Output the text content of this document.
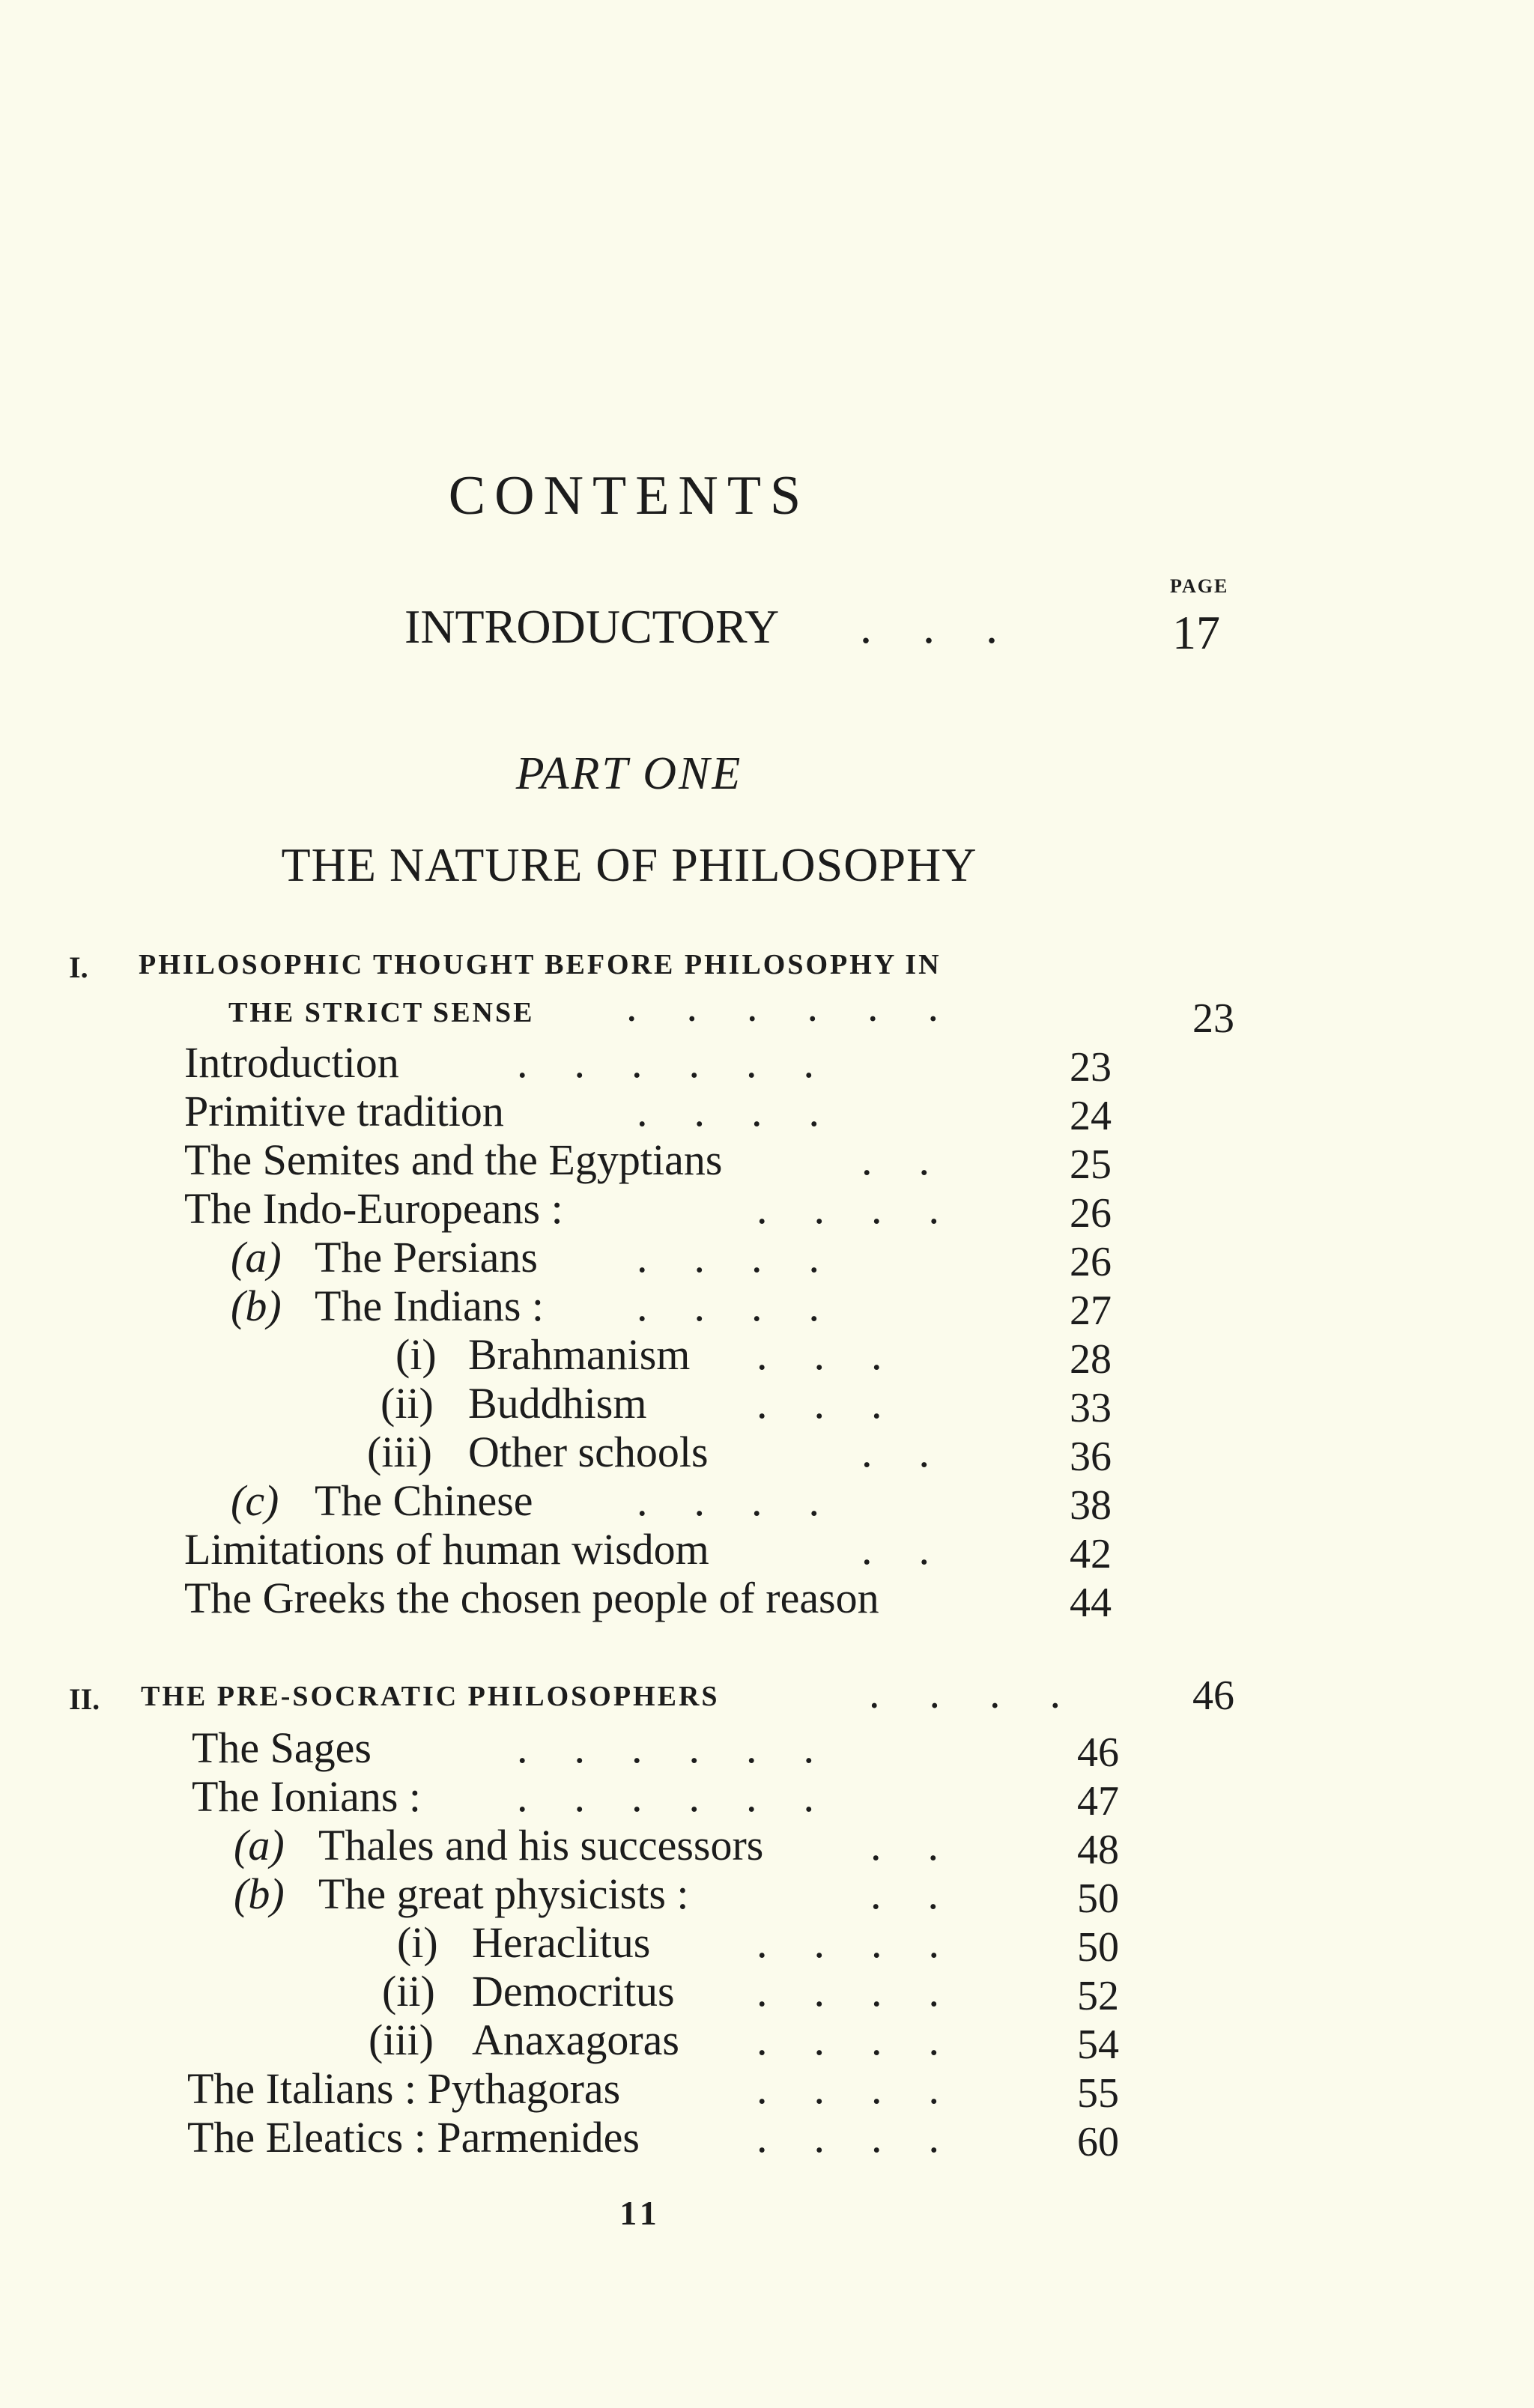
CONTENTS
PAGE
INTRODUCTORY ...	17
PART ONE
THE NATURE OF PHILOSOPHY
I. PHILOSOPHIC THOUGHT BEFORE PHILOSOPHY IN
THE STRICT SENSE	......	23
Introduction	......	23
Primitive tradition	....	24
The Semites and the Egyptians	.. 25
The Indo-Europeans :	.... 26
(a) The Persians ....	26
(b) The Indians : ....	27
(i) Brahmanism ...	28
(ii) Buddhism	...	33
(iii) Other schools	.. 36
(c) The Chinese ....	38
Limitations of human wisdom	.. 42
The Greeks the chosen people of reason	44
II. THE PRE-SOCRATIC PHILOSOPHERS	.... 46
The Sages	......	46
The Ionians : ......	47
(a) Thales and his successors .. 48
(b) The great physicists :	.. 50
(i) Heraclitus .... 50
(ii) Democritus .... 52
(iii) Anaxagoras .... 54
The Italians : Pythagoras	.... 55
The Eleatics : Parmenides	.... 60
11
